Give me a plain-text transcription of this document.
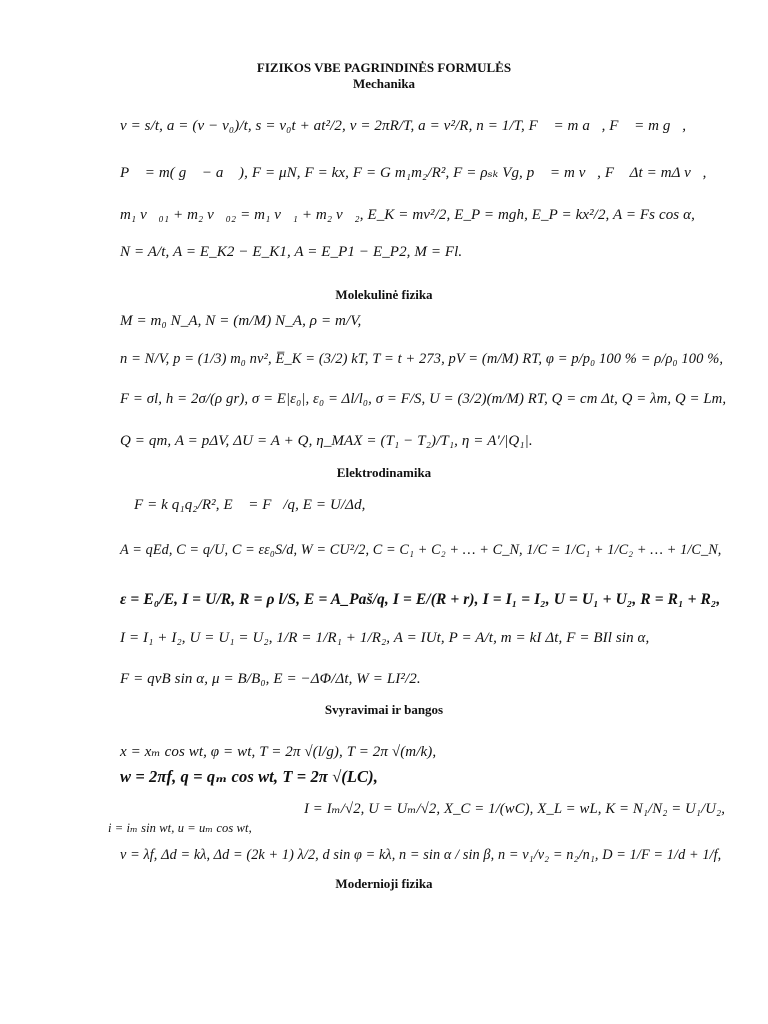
FIZIKOS VBE PAGRINDINĖS FORMULĖS
Mechanika
v = s/t, a = (v − v₀)/t, s = v₀t + at²/2, v = 2πR/T, a = v²/R, n = 1/T, F⃗ = m a⃗, F⃗ = m g⃗,
P⃗ = m( g⃗ − a⃗ ), F = μN, F = kx, F = G m₁m₂/R², F = ρₛₖ Vg, p⃗ = m v⃗, F⃗ Δt = mΔ v⃗,
m₁ v⃗₀₁ + m₂ v⃗₀₂ = m₁ v⃗₁ + m₂ v⃗₂, E_K = mv²/2, E_P = mgh, E_P = kx²/2, A = Fs cos α,
N = A/t, A = E_K2 − E_K1, A = E_P1 − E_P2, M = Fl.
Molekulinė fizika
M = m₀ N_A, N = (m/M) N_A, ρ = m/V,
n = N/V, p = (1/3) m₀ nv², E̅_K = (3/2) kT, T = t + 273, pV = (m/M) RT, φ = p/p₀ 100 % = ρ/ρ₀ 100 %,
F = σl, h = 2σ/(ρ gr), σ = E|ε₀|, ε₀ = Δl/l₀, σ = F/S, U = (3/2)(m/M) RT, Q = cm Δt, Q = λm, Q = Lm,
Q = qm, A = pΔV, ΔU = A + Q, η_MAX = (T₁ − T₂)/T₁, η = A'/|Q₁|.
Elektrodinamika
F = k q₁q₂/R², E⃗ = F⃗/q, E = U/Δd,
A = qEd, C = q/U, C = εε₀S/d, W = CU²/2, C = C₁ + C₂ + … + C_N, 1/C = 1/C₁ + 1/C₂ + … + 1/C_N,
ε = E₀/E, I = U/R, R = ρ l/S, E = A_Paš/q, I = E/(R + r), I = I₁ = I₂, U = U₁ + U₂, R = R₁ + R₂,
I = I₁ + I₂, U = U₁ = U₂, 1/R = 1/R₁ + 1/R₂, A = IUt, P = A/t, m = kI Δt, F = BIl sin α,
F = qvB sin α, μ = B/B₀, E = −ΔΦ/Δt, W = LI²/2.
Svyravimai ir bangos
x = xₘ cos wt, φ = wt, T = 2π √(l/g), T = 2π √(m/k),
w = 2πf, q = qₘ cos wt, T = 2π √(LC),
I = Iₘ/√2, U = Uₘ/√2, X_C = 1/(wC), X_L = wL, K = N₁/N₂ = U₁/U₂,
i = iₘ sin wt, u = uₘ cos wt,
v = λf, Δd = kλ, Δd = (2k + 1) λ/2, d sin φ = kλ, n = sin α / sin β, n = v₁/v₂ = n₂/n₁, D = 1/F = 1/d + 1/f,
Modernioji fizika
